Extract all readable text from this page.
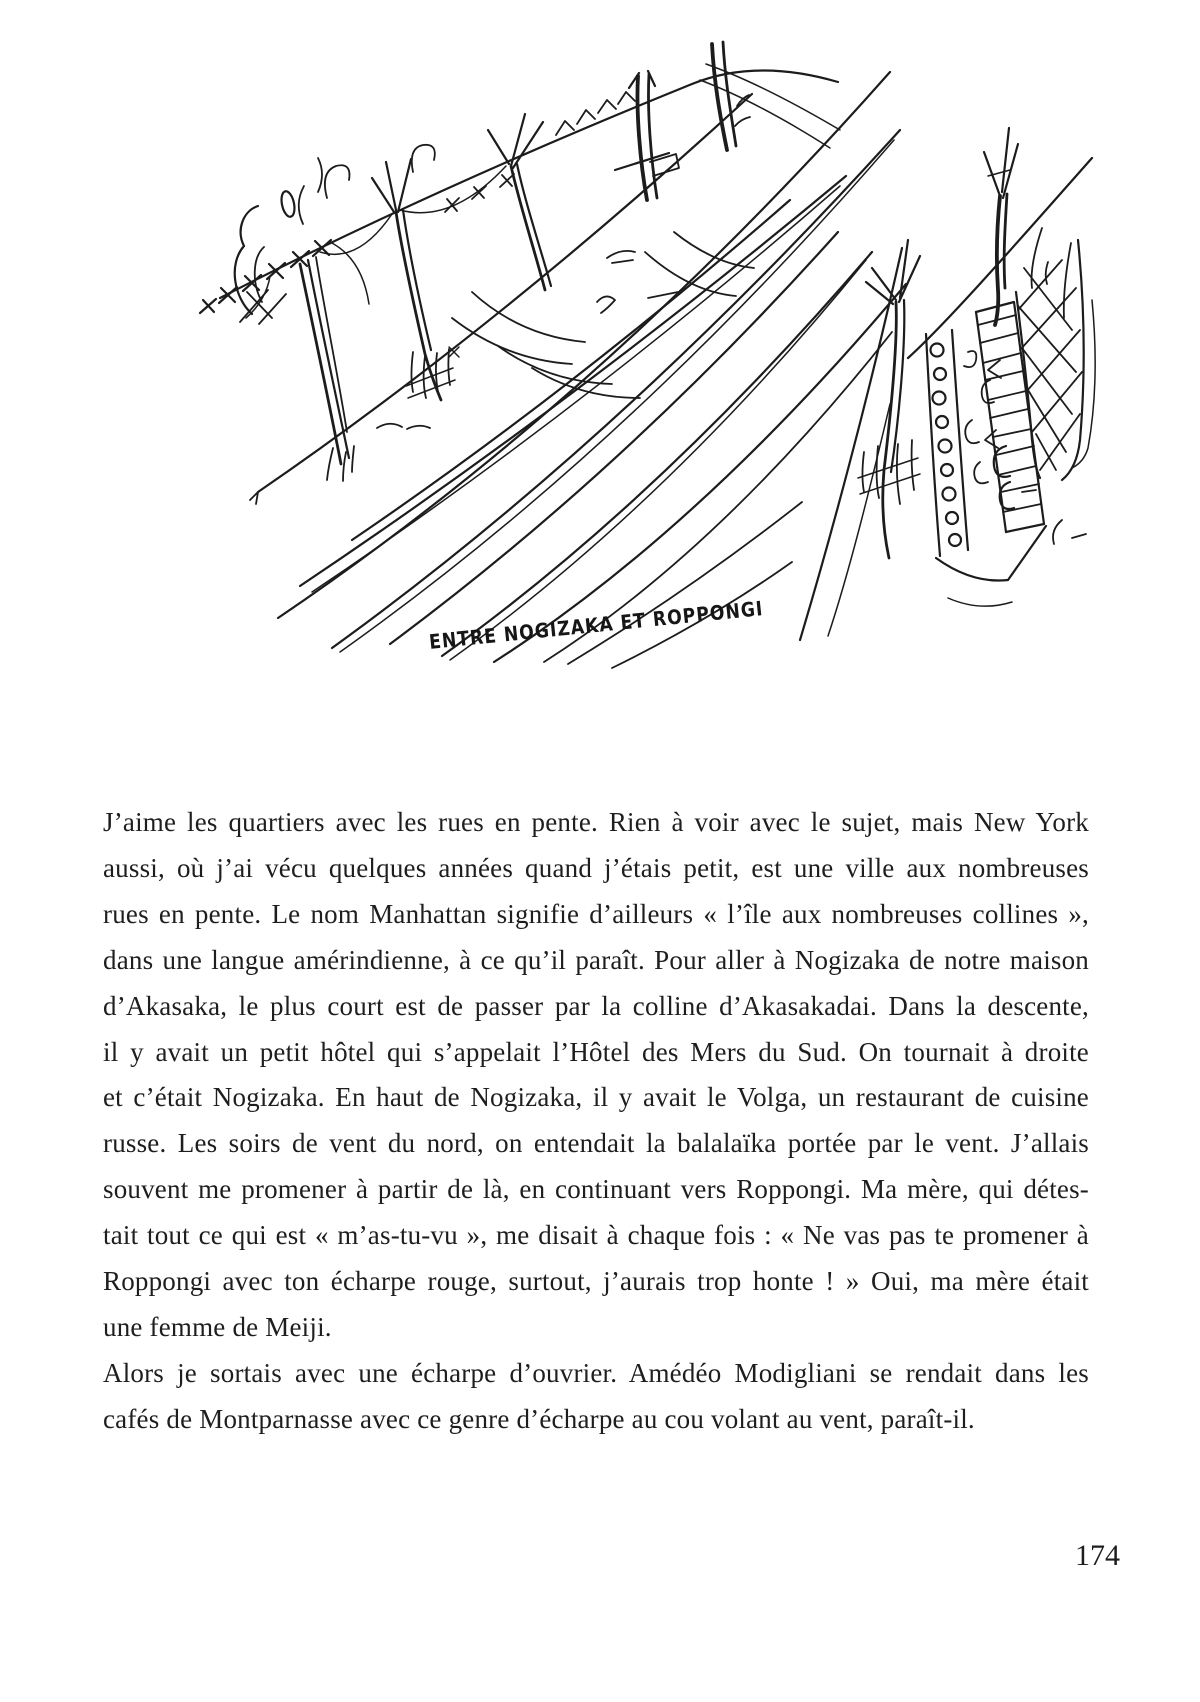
ENTRE NOGIZAKA ET ROPPONGI
J’aime les quartiers avec les rues en pente. Rien à voir avec le sujet, mais New York
aussi, où j’ai vécu quelques années quand j’étais petit, est une ville aux nombreuses
rues en pente. Le nom Manhattan signifie d’ailleurs « l’île aux nombreuses collines »,
dans une langue amérindienne, à ce qu’il paraît. Pour aller à Nogizaka de notre maison
d’Akasaka, le plus court est de passer par la colline d’Akasakadai. Dans la descente,
il y avait un petit hôtel qui s’appelait l’Hôtel des Mers du Sud. On tournait à droite
et c’était Nogizaka. En haut de Nogizaka, il y avait le Volga, un restaurant de cuisine
russe. Les soirs de vent du nord, on entendait la balalaïka portée par le vent. J’allais
souvent me promener à partir de là, en continuant vers Roppongi. Ma mère, qui détes-
tait tout ce qui est « m’as-tu-vu », me disait à chaque fois : « Ne vas pas te promener à
Roppongi avec ton écharpe rouge, surtout, j’aurais trop honte ! » Oui, ma mère était
une femme de Meiji.
Alors je sortais avec une écharpe d’ouvrier. Amédéo Modigliani se rendait dans les
cafés de Montparnasse avec ce genre d’écharpe au cou volant au vent, paraît-il.
174
